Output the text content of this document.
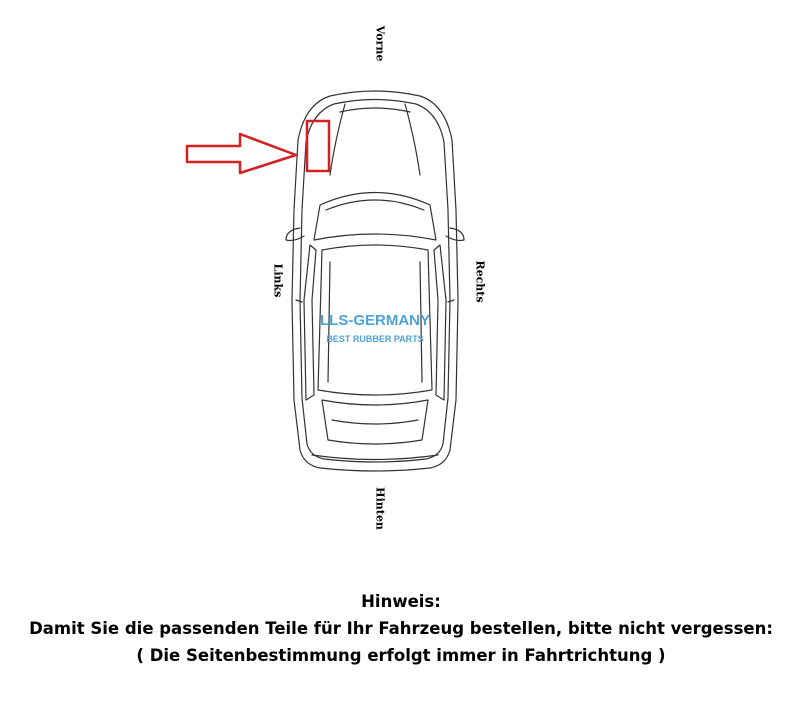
Vorne
Hinten
Links	Rechts
LLS-GERMANY
BEST RUBBER PARTS
Hinweis:
Damit Sie die passenden Teile für Ihr Fahrzeug bestellen, bitte nicht vergessen:
( Die Seitenbestimmung erfolgt immer in Fahrtrichtung )
